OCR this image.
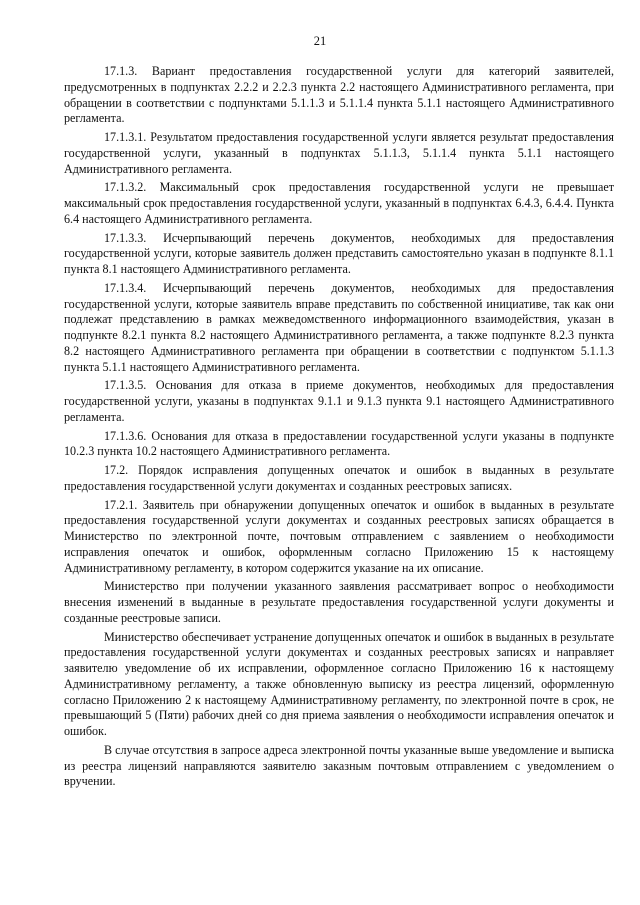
21

17.1.3. Вариант предоставления государственной услуги для категорий заявителей, предусмотренных в подпунктах 2.2.2 и 2.2.3 пункта 2.2 настоящего Административного регламента, при обращении в соответствии с подпунктами 5.1.1.3 и 5.1.1.4 пункта 5.1.1 настоящего Административного регламента.

17.1.3.1. Результатом предоставления государственной услуги является результат предоставления государственной услуги, указанный в подпунктах 5.1.1.3, 5.1.1.4 пункта 5.1.1 настоящего Административного регламента.

17.1.3.2. Максимальный срок предоставления государственной услуги не превышает максимальный срок предоставления государственной услуги, указанный в подпунктах 6.4.3, 6.4.4. Пункта 6.4 настоящего Административного регламента.

17.1.3.3. Исчерпывающий перечень документов, необходимых для предоставления государственной услуги, которые заявитель должен представить самостоятельно указан в подпункте 8.1.1 пункта 8.1 настоящего Административного регламента.

17.1.3.4. Исчерпывающий перечень документов, необходимых для предоставления государственной услуги, которые заявитель вправе представить по собственной инициативе, так как они подлежат представлению в рамках межведомственного информационного взаимодействия, указан в подпункте 8.2.1 пункта 8.2 настоящего Административного регламента, а также подпункте 8.2.3 пункта 8.2 настоящего Административного регламента при обращении в соответствии с подпунктом 5.1.1.3 пункта 5.1.1 настоящего Административного регламента.

17.1.3.5. Основания для отказа в приеме документов, необходимых для предоставления государственной услуги, указаны в подпунктах 9.1.1 и 9.1.3 пункта 9.1 настоящего Административного регламента.

17.1.3.6. Основания для отказа в предоставлении государственной услуги указаны в подпункте 10.2.3 пункта 10.2 настоящего Административного регламента.

17.2. Порядок исправления допущенных опечаток и ошибок в выданных в результате предоставления государственной услуги документах и созданных реестровых записях.

17.2.1. Заявитель при обнаружении допущенных опечаток и ошибок в выданных в результате предоставления государственной услуги документах и созданных реестровых записях обращается в Министерство по электронной почте, почтовым отправлением с заявлением о необходимости исправления опечаток и ошибок, оформленным согласно Приложению 15 к настоящему Административному регламенту, в котором содержится указание на их описание.

Министерство при получении указанного заявления рассматривает вопрос о необходимости внесения изменений в выданные в результате предоставления государственной услуги документы и созданные реестровые записи.

Министерство обеспечивает устранение допущенных опечаток и ошибок в выданных в результате предоставления государственной услуги документах и созданных реестровых записях и направляет заявителю уведомление об их исправлении, оформленное согласно Приложению 16 к настоящему Административному регламенту, а также обновленную выписку из реестра лицензий, оформленную согласно Приложению 2 к настоящему Административному регламенту, по электронной почте в срок, не превышающий 5 (Пяти) рабочих дней со дня приема заявления о необходимости исправления опечаток и ошибок.

В случае отсутствия в запросе адреса электронной почты указанные выше уведомление и выписка из реестра лицензий направляются заявителю заказным почтовым отправлением с уведомлением о вручении.
